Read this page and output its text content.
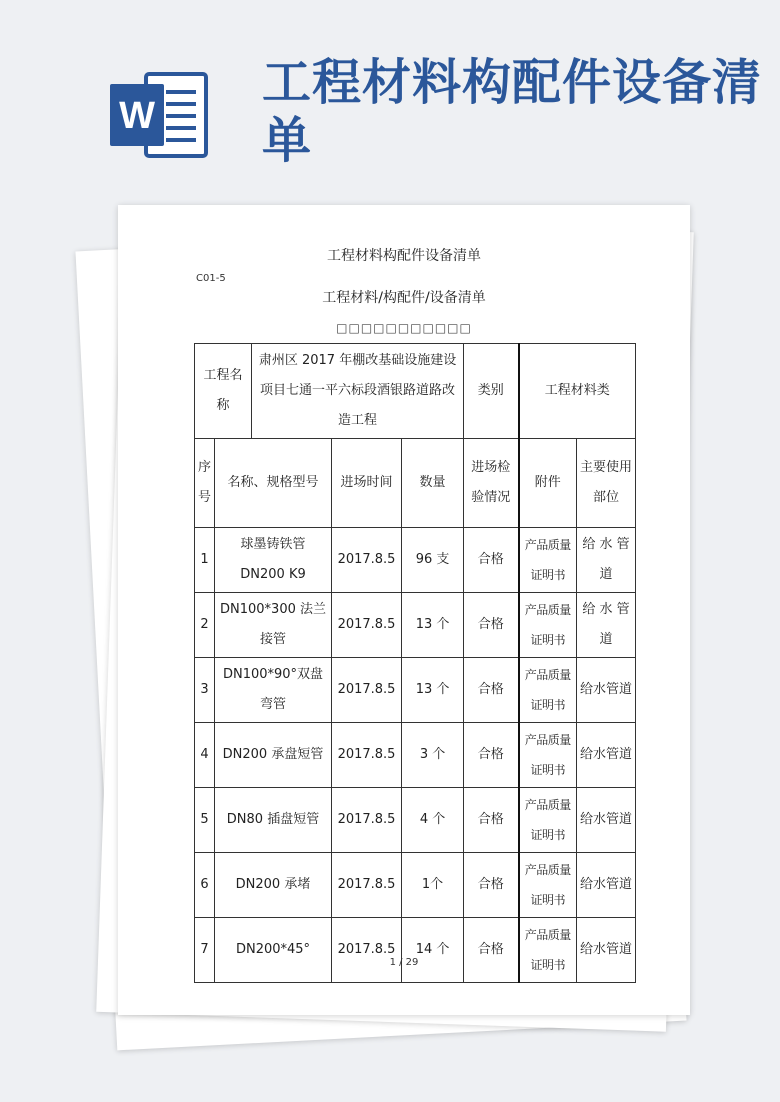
W
工程材料构配件设备清单
工程材料构配件设备清单
C01-5
工程材料/构配件/设备清单
□□□□□□□□□□□
工程名称		肃州区 2017 年棚改基础设施建设项目七通一平六标段酒银路道路改造工程			类别	工程材料类	
序号	名称、规格型号		进场时间	数量	进场检验情况	附件	主要使用部位
1	球墨铸铁管 DN200 K9		2017.8.5	96 支	合格	产品质量证明书	给 水 管道
2	DN100*300 法兰接管		2017.8.5	13 个	合格	产品质量证明书	给 水 管道
3	DN100*90°双盘弯管		2017.8.5	13 个	合格	产品质量证明书	给水管道
4	DN200 承盘短管		2017.8.5	3 个	合格	产品质量证明书	给水管道
5	DN80 插盘短管		2017.8.5	4 个	合格	产品质量证明书	给水管道
6	DN200 承堵		2017.8.5	1个	合格	产品质量证明书	给水管道
7	DN200*45°		2017.8.5	14 个	合格	产品质量证明书	给水管道
1 / 29
